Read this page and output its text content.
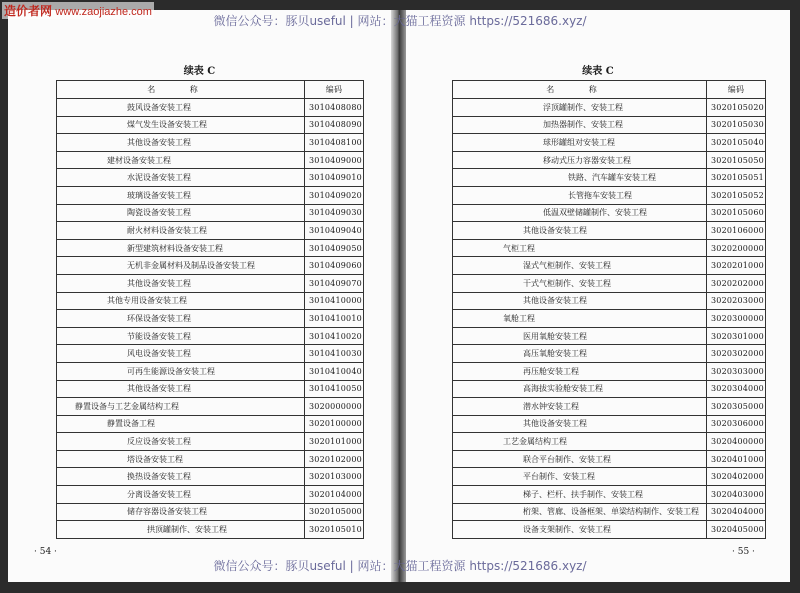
造价者网 www.zaojiazhe.com
微信公众号：豚贝useful | 网站：大猫工程资源 https://521686.xyz/
续表 C
名 称	编码
鼓风设备安装工程	3010408080
煤气发生设备安装工程	3010408090
其他设备安装工程	3010408100
建材设备安装工程	3010409000
水泥设备安装工程	3010409010
玻璃设备安装工程	3010409020
陶瓷设备安装工程	3010409030
耐火材料设备安装工程	3010409040
新型建筑材料设备安装工程	3010409050
无机非金属材料及制品设备安装工程	3010409060
其他设备安装工程	3010409070
其他专用设备安装工程	3010410000
环保设备安装工程	3010410010
节能设备安装工程	3010410020
风电设备安装工程	3010410030
可再生能源设备安装工程	3010410040
其他设备安装工程	3010410050
静置设备与工艺金属结构工程	3020000000
静置设备工程	3020100000
反应设备安装工程	3020101000
塔设备安装工程	3020102000
换热设备安装工程	3020103000
分离设备安装工程	3020104000
储存容器设备安装工程	3020105000
拱顶罐制作、安装工程	3020105010
· 54 ·
续表 C
名 称	编码
浮顶罐制作、安装工程	3020105020
加热器制作、安装工程	3020105030
球形罐组对安装工程	3020105040
移动式压力容器安装工程	3020105050
铁路、汽车罐车安装工程	3020105051
长管拖车安装工程	3020105052
低温双壁储罐制作、安装工程	3020105060
其他设备安装工程	3020106000
气柜工程	3020200000
湿式气柜制作、安装工程	3020201000
干式气柜制作、安装工程	3020202000
其他设备安装工程	3020203000
氧舱工程	3020300000
医用氧舱安装工程	3020301000
高压氧舱安装工程	3020302000
再压舱安装工程	3020303000
高海拔实验舱安装工程	3020304000
潜水钟安装工程	3020305000
其他设备安装工程	3020306000
工艺金属结构工程	3020400000
联合平台制作、安装工程	3020401000
平台制作、安装工程	3020402000
梯子、栏杆、扶手制作、安装工程	3020403000
桁架、管廊、设备框架、单梁结构制作、安装工程	3020404000
设备支架制作、安装工程	3020405000
· 55 ·
微信公众号：豚贝useful | 网站：大猫工程资源 https://521686.xyz/
